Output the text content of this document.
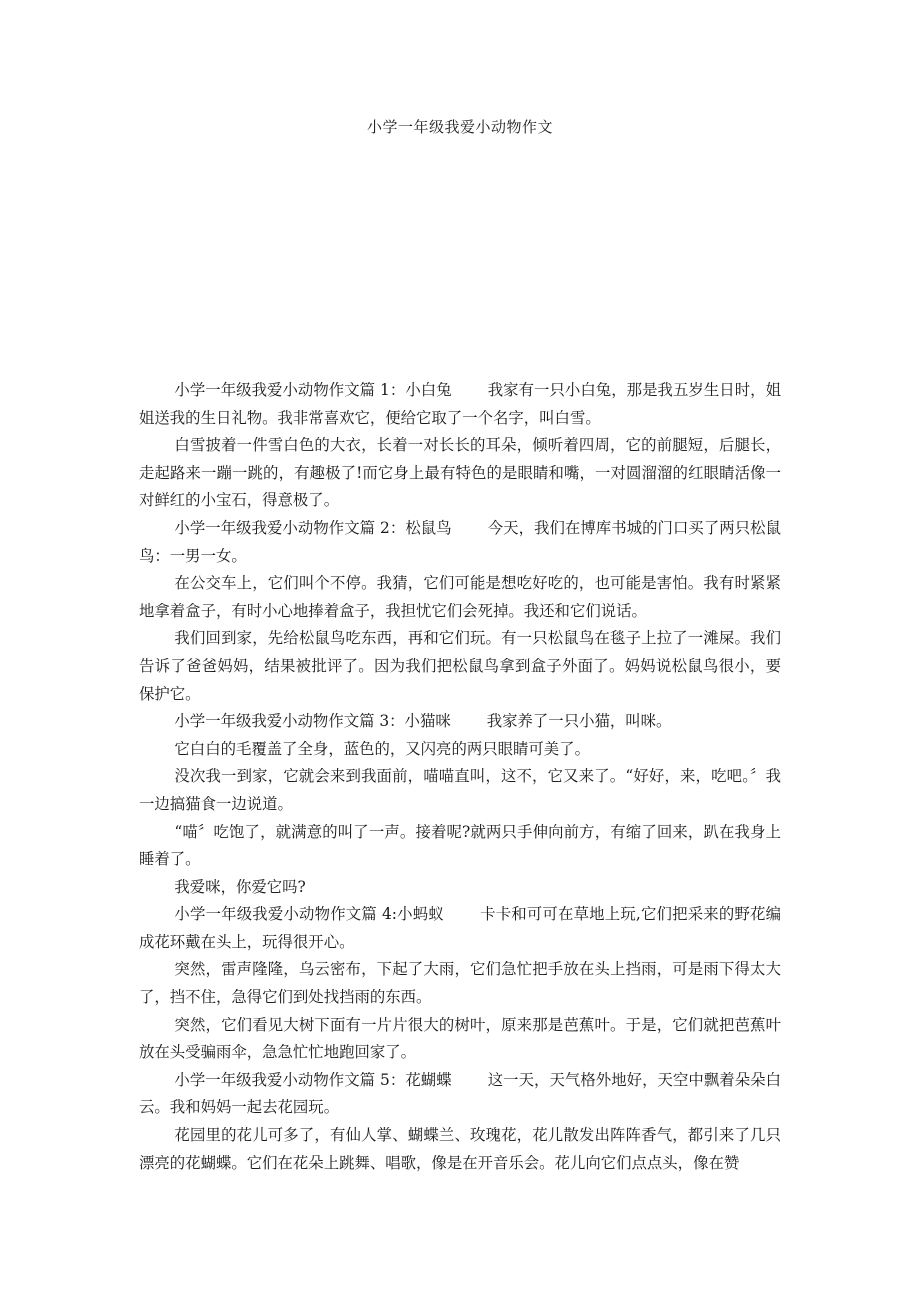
小学一年级我爱小动物作文

小学一年级我爱小动物作文篇 1：小白兔 我家有一只小白兔，那是我五岁生日时，姐姐送我的生日礼物。我非常喜欢它，便给它取了一个名字，叫白雪。

白雪披着一件雪白色的大衣，长着一对长长的耳朵，倾听着四周，它的前腿短，后腿长，走起路来一蹦一跳的，有趣极了!而它身上最有特色的是眼睛和嘴，一对圆溜溜的红眼睛活像一对鲜红的小宝石，得意极了。

小学一年级我爱小动物作文篇 2：松鼠鸟 今天，我们在博库书城的门口买了两只松鼠鸟：一男一女。

在公交车上，它们叫个不停。我猜，它们可能是想吃好吃的，也可能是害怕。我有时紧紧地拿着盒子，有时小心地捧着盒子，我担忧它们会死掉。我还和它们说话。

我们回到家，先给松鼠鸟吃东西，再和它们玩。有一只松鼠鸟在毯子上拉了一滩屎。我们告诉了爸爸妈妈，结果被批评了。因为我们把松鼠鸟拿到盒子外面了。妈妈说松鼠鸟很小，要保护它。

小学一年级我爱小动物作文篇 3：小猫咪 我家养了一只小猫，叫咪。

它白白的毛覆盖了全身，蓝色的，又闪亮的两只眼睛可美了。

没次我一到家，它就会来到我面前，喵喵直叫，这不，它又来了。“好好，来，吃吧。〞我一边搞猫食一边说道。

“喵〞吃饱了，就满意的叫了一声。接着呢?就两只手伸向前方，有缩了回来，趴在我身上睡着了。

我爱咪，你爱它吗?

小学一年级我爱小动物作文篇 4:小蚂蚁 卡卡和可可在草地上玩,它们把采来的野花编成花环戴在头上，玩得很开心。

突然，雷声隆隆，乌云密布，下起了大雨，它们急忙把手放在头上挡雨，可是雨下得太大了，挡不住，急得它们到处找挡雨的东西。

突然，它们看见大树下面有一片片很大的树叶，原来那是芭蕉叶。于是，它们就把芭蕉叶放在头受骗雨伞，急急忙忙地跑回家了。

小学一年级我爱小动物作文篇 5：花蝴蝶 这一天，天气格外地好，天空中飘着朵朵白云。我和妈妈一起去花园玩。

花园里的花儿可多了，有仙人掌、蝴蝶兰、玫瑰花，花儿散发出阵阵香气，都引来了几只漂亮的花蝴蝶。它们在花朵上跳舞、唱歌，像是在开音乐会。花儿向它们点点头，像在赞
